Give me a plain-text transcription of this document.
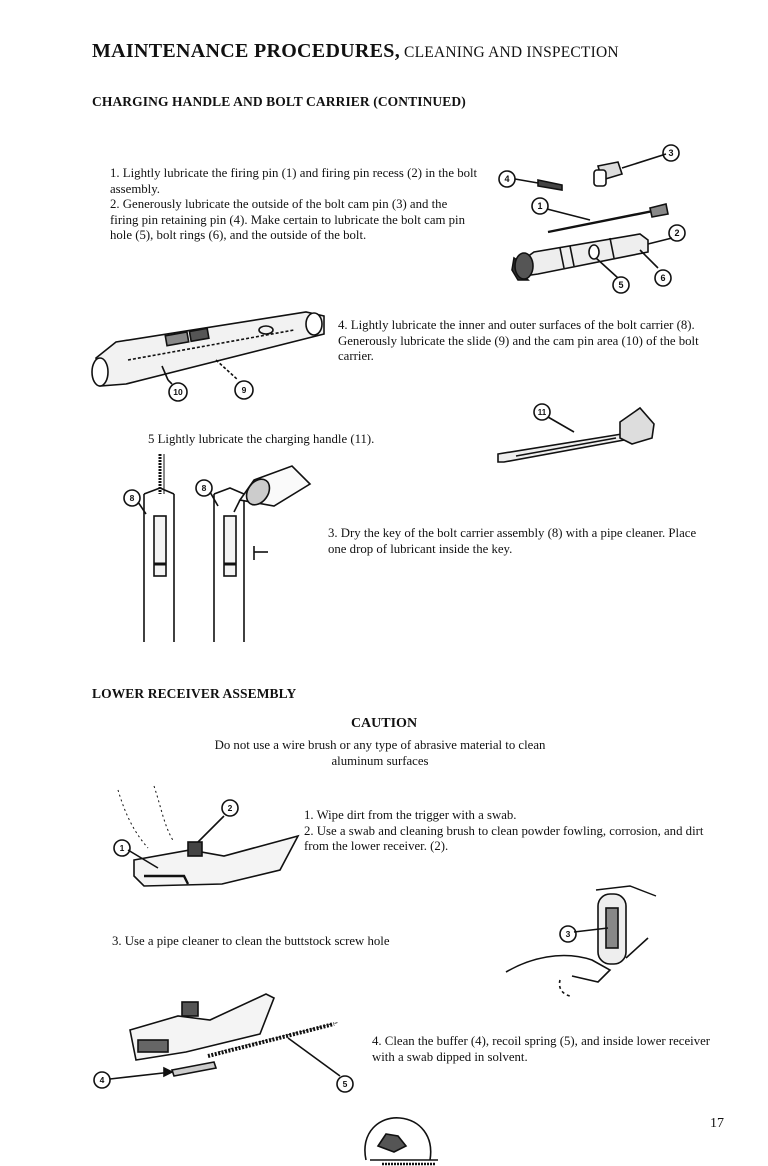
MAINTENANCE PROCEDURES, CLEANING AND INSPECTION
CHARGING HANDLE AND BOLT CARRIER (CONTINUED)

1. Lightly lubricate the firing pin (1) and firing pin recess (2) in the bolt assembly.

2. Generously lubricate the outside of the bolt cam pin (3) and the firing pin retaining pin (4). Make certain to lubricate the bolt cam pin hole (5), bolt rings (6), and the outside of the bolt.

4. Lightly lubricate the inner and outer surfaces of the bolt carrier (8). Generously lubricate the slide (9) and the cam pin area (10) of the bolt carrier.
5 Lightly lubricate the charging handle (11).
3. Dry the key of the bolt carrier assembly (8) with a pipe cleaner. Place one drop of lubricant inside the key.
4
3
1
2
5
6
10	9
11
8
8
LOWER RECEIVER ASSEMBLY
CAUTION
Do not use a wire brush or any type of abrasive material to clean aluminum surfaces

1. Wipe dirt from the trigger with a swab.

2. Use a swab and cleaning brush to clean powder fowling, corrosion, and dirt from the lower receiver. (2).

3. Use a pipe cleaner to clean the buttstock screw hole
4. Clean the buffer (4), recoil spring (5), and inside lower receiver with a swab dipped in solvent.
2
1
3
4	5
17
